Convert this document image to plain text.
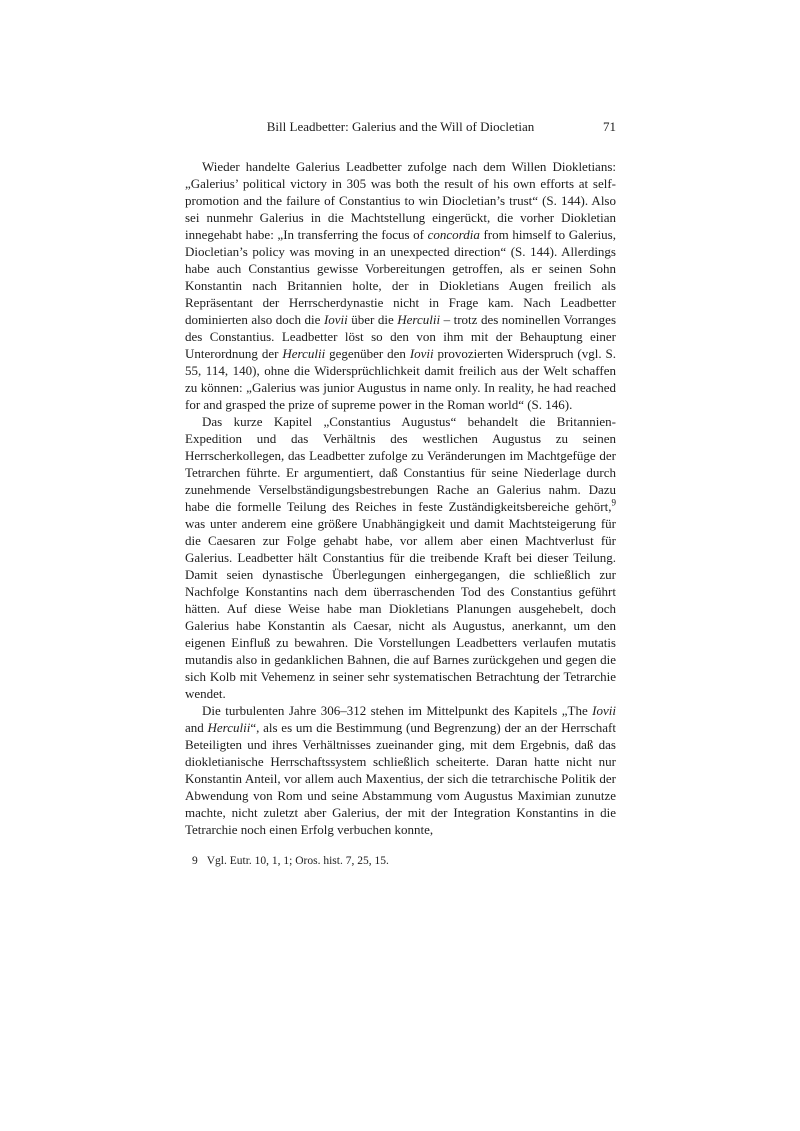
Bill Leadbetter: Galerius and the Will of Diocletian	71

Wieder handelte Galerius Leadbetter zufolge nach dem Willen Diokletians: „Galerius’ political victory in 305 was both the result of his own efforts at self-promotion and the failure of Constantius to win Diocletian’s trust“ (S. 144). Also sei nunmehr Galerius in die Machtstellung eingerückt, die vorher Diokletian innegehabt habe: „In transferring the focus of concordia from himself to Galerius, Diocletian’s policy was moving in an unexpected direction“ (S. 144). Allerdings habe auch Constantius gewisse Vorbereitungen getroffen, als er seinen Sohn Konstantin nach Britannien holte, der in Diokletians Augen freilich als Repräsentant der Herrscherdynastie nicht in Frage kam. Nach Leadbetter dominierten also doch die Iovii über die Herculii – trotz des nominellen Vorranges des Constantius. Leadbetter löst so den von ihm mit der Behauptung einer Unterordnung der Herculii gegenüber den Iovii provozierten Widerspruch (vgl. S. 55, 114, 140), ohne die Widersprüchlichkeit damit freilich aus der Welt schaffen zu können: „Galerius was junior Augustus in name only. In reality, he had reached for and grasped the prize of supreme power in the Roman world“ (S. 146).

Das kurze Kapitel „Constantius Augustus“ behandelt die Britannien-Expedition und das Verhältnis des westlichen Augustus zu seinen Herrscherkollegen, das Leadbetter zufolge zu Veränderungen im Machtgefüge der Tetrarchen führte. Er argumentiert, daß Constantius für seine Niederlage durch zunehmende Verselbständigungsbestrebungen Rache an Galerius nahm. Dazu habe die formelle Teilung des Reiches in feste Zuständigkeitsbereiche gehört,$^9$ was unter anderem eine größere Unabhängigkeit und damit Machtsteigerung für die Caesaren zur Folge gehabt habe, vor allem aber einen Machtverlust für Galerius. Leadbetter hält Constantius für die treibende Kraft bei dieser Teilung. Damit seien dynastische Überlegungen einhergegangen, die schließlich zur Nachfolge Konstantins nach dem überraschenden Tod des Constantius geführt hätten. Auf diese Weise habe man Diokletians Planungen ausgehebelt, doch Galerius habe Konstantin als Caesar, nicht als Augustus, anerkannt, um den eigenen Einfluß zu bewahren. Die Vorstellungen Leadbetters verlaufen mutatis mutandis also in gedanklichen Bahnen, die auf Barnes zurückgehen und gegen die sich Kolb mit Vehemenz in seiner sehr systematischen Betrachtung der Tetrarchie wendet.

Die turbulenten Jahre 306–312 stehen im Mittelpunkt des Kapitels „The Iovii and Herculii“, als es um die Bestimmung (und Begrenzung) der an der Herrschaft Beteiligten und ihres Verhältnisses zueinander ging, mit dem Ergebnis, daß das diokletianische Herrschaftssystem schließlich scheiterte. Daran hatte nicht nur Konstantin Anteil, vor allem auch Maxentius, der sich die tetrarchische Politik der Abwendung von Rom und seine Abstammung vom Augustus Maximian zunutze machte, nicht zuletzt aber Galerius, der mit der Integration Konstantins in die Tetrarchie noch einen Erfolg verbuchen konnte,

9 Vgl. Eutr. 10, 1, 1; Oros. hist. 7, 25, 15.
